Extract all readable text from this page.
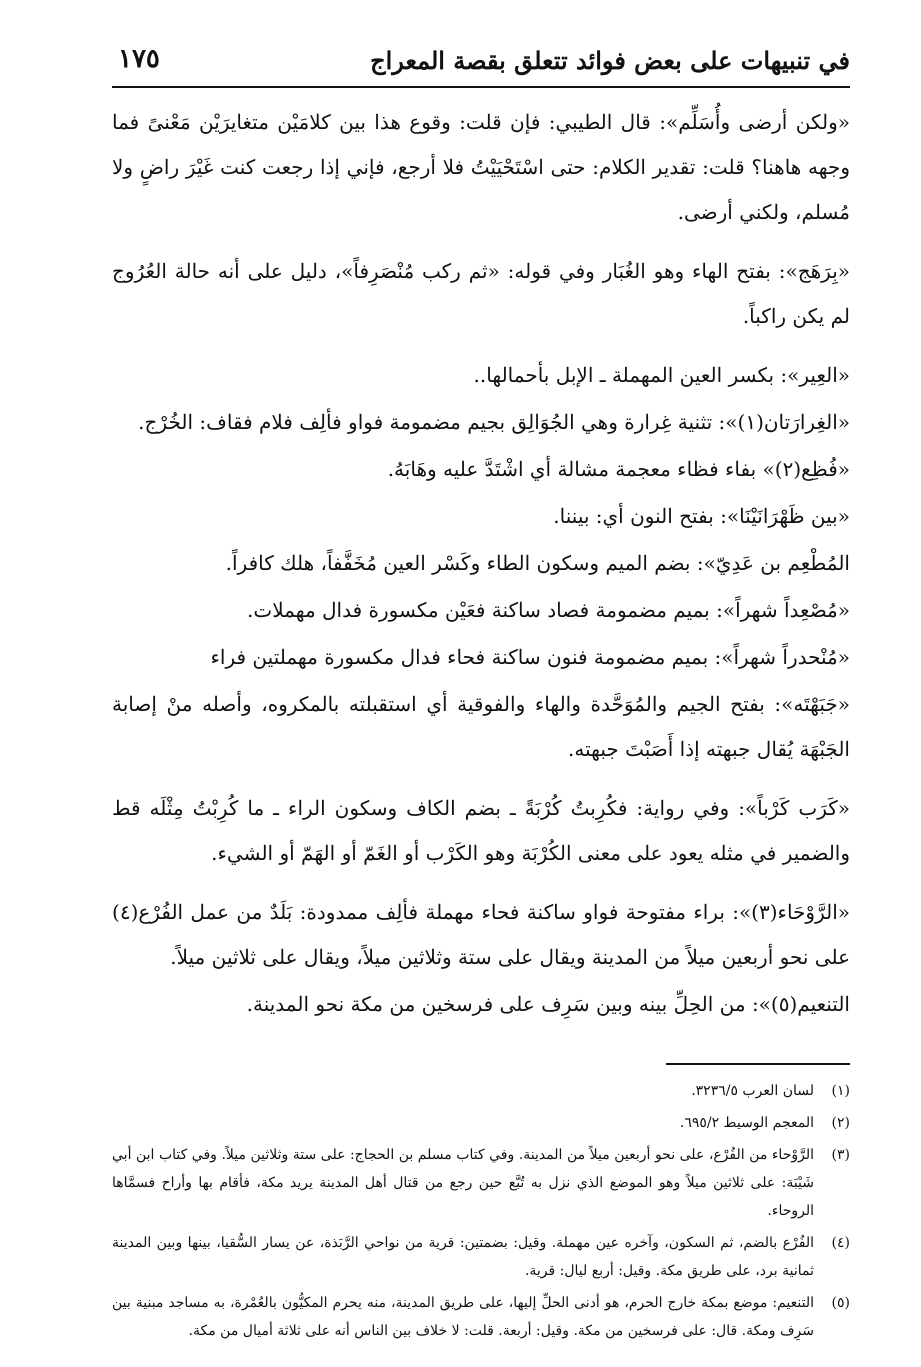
في تنبيهات على بعض فوائد تتعلق بقصة المعراج
١٧٥

«ولكن أرضى وأُسَلِّم»: قال الطيبي: فإن قلت: وقوع هذا بين كلامَيْن متغايرَيْن مَعْنىً فما وجهه هاهنا؟ قلت: تقدير الكلام: حتى اسْتَحْيَيْتُ فلا أرجع، فإني إذا رجعت كنت غَيْرَ راضٍ ولا مُسلم، ولكني أرضى.

«بِرَهَج»: بفتح الهاء وهو الغُبَار وفي قوله: «ثم ركب مُنْصَرِفاً»، دليل على أنه حالة العُرُوج لم يكن راكباً.

«العِير»: بكسر العين المهملة ـ الإبل بأحمالها..

«الغِرارَتان(١)»: تثنية غِرارة وهي الجُوَالِق بجيم مضمومة فواو فألِف فلام فقاف: الخُرْج.

«فُظِع(٢)» بفاء فظاء معجمة مشالة أي اشْتَدَّ عليه وهَابَهُ.

«بين ظَهْرَانَيْنَا»: بفتح النون أي: بيننا.

المُطْعِم بن عَدِيّ»: بضم الميم وسكون الطاء وكَسْر العين مُخَفَّفاً، هلك كافراً.

«مُصْعِداً شهراً»: بميم مضمومة فصاد ساكنة فعَيْن مكسورة فدال مهملات.

«مُنْحدراً شهراً»: بميم مضمومة فنون ساكنة فحاء فدال مكسورة مهملتين فراء

«جَبَهْتَه»: بفتح الجيم والمُوَحَّدة والهاء والفوقية أي استقبلته بالمكروه، وأصله منْ إصابة الجَبْهَة يُقال جبهته إذا أَصَبْتَ جبهته.

«كَرَب كَرْباً»: وفي رواية: فكُرِبتُ كُرْبَةً ـ بضم الكاف وسكون الراء ـ ما كُرِبْتُ مِثْلَه قط والضمير في مثله يعود على معنى الكُرْبَة وهو الكَرْب أو الغَمّ أو الهَمّ أو الشيء.

«الرَّوْحَاء(٣)»: براء مفتوحة فواو ساكنة فحاء مهملة فألِف ممدودة: بَلَدٌ من عمل الفُرْع(٤) على نحو أربعين ميلاً من المدينة ويقال على ستة وثلاثين ميلاً، ويقال على ثلاثين ميلاً.

التنعيم(٥)»: من الحِلِّ بينه وبين سَرِف على فرسخين من مكة نحو المدينة.

(١)
لسان العرب ٣٢٣٦/٥.

(٢)
المعجم الوسيط ٦٩٥/٢.

(٣)
الرَّوْحاء من الفُرْع، على نحو أربعين ميلاً من المدينة. وفي كتاب مسلم بن الحجاج: على ستة وثلاثين ميلاً. وفي كتاب ابن أبي شَيْبَة: على ثلاثين ميلاً وهو الموضع الذي نزل به تُبَّع حين رجع من قتال أهل المدينة يريد مكة، فأقام بها وأراح فسمَّاها الروحاء.

(٤)
الفُرْع بالضم، ثم السكون، وآخره عين مهملة. وقيل: بضمتين: قرية من نواحي الرَّبَذة، عن يسار السُّقيا، بينها وبين المدينة ثمانية برد، على طريق مكة. وقيل: أربع ليال: قرية.

(٥)
التنعيم: موضع بمكة خارج الحرم، هو أدنى الحلِّ إليها، على طريق المدينة، منه يحرم المكيُّون بالعُمْرة، به مساجد مبنية بين سَرِف ومكة. قال: على فرسخين من مكة. وقيل: أربعة. قلت: لا خلاف بين الناس أنه على ثلاثة أميال من مكة.
